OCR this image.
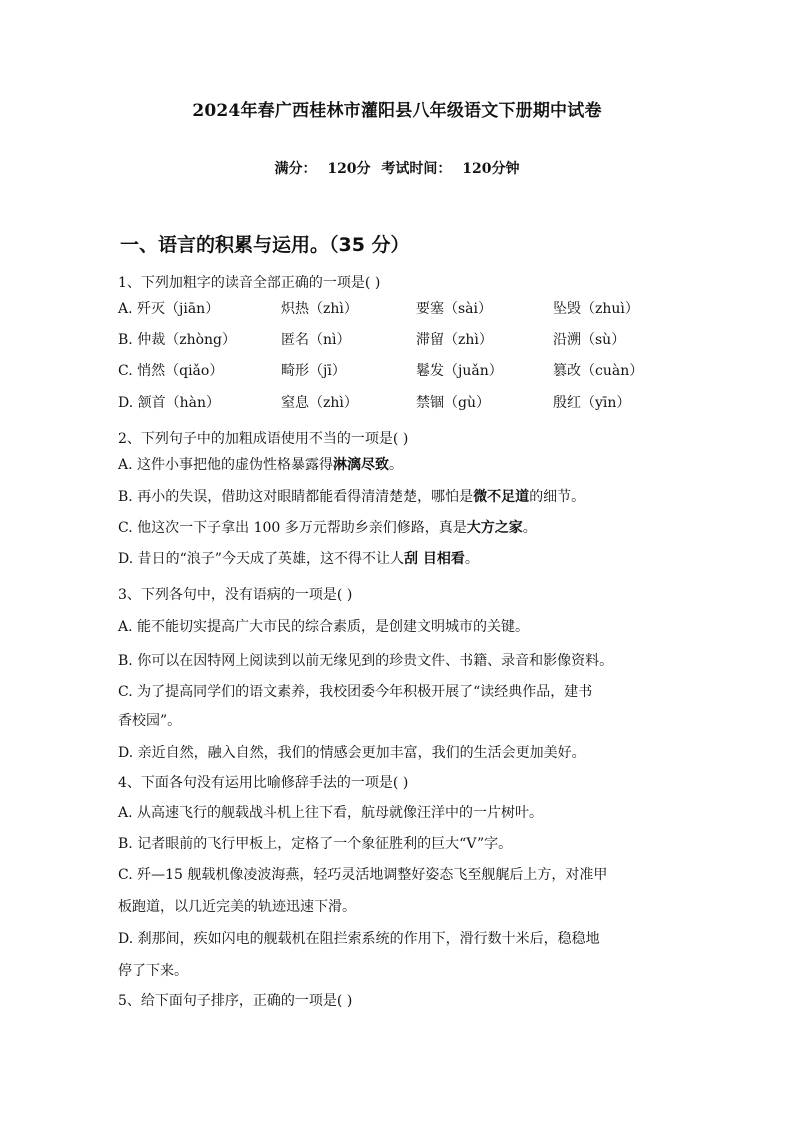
2024年春广西桂林市灌阳县八年级语文下册期中试卷
满分： 120分 考试时间： 120分钟
一、语言的积累与运用。（35 分）
1、下列加粗字的读音全部正确的一项是( )
A. 歼灭（jiān）	炽热（zhì）	要塞（sài）	坠毁（zhuì）
B. 仲裁（zhòng）	匿名（nì）	滞留（zhì）	沿溯（sù）
C. 悄然（qiǎo）	畸形（jī）	鬈发（juǎn）	篡改（cuàn）
D. 颔首（hàn）	窒息（zhì）	禁锢（gù）	殷红（yīn）
2、下列句子中的加粗成语使用不当的一项是( )
A. 这件小事把他的虚伪性格暴露得淋漓尽致。
B. 再小的失误，借助这对眼睛都能看得清清楚楚，哪怕是微不足道的细节。
C. 他这次一下子拿出 100 多万元帮助乡亲们修路，真是大方之家。
D. 昔日的“浪子”今天成了英雄，这不得不让人刮 目相看。
3、下列各句中，没有语病的一项是( )
A. 能不能切实提高广大市民的综合素质，是创建文明城市的关键。
B. 你可以在因特网上阅读到以前无缘见到的珍贵文件、书籍、录音和影像资料。
C. 为了提高同学们的语文素养，我校团委今年积极开展了“读经典作品，建书
香校园”。
D. 亲近自然，融入自然，我们的情感会更加丰富，我们的生活会更加美好。
4、下面各句没有运用比喻修辞手法的一项是( )
A. 从高速飞行的舰载战斗机上往下看，航母就像汪洋中的一片树叶。
B. 记者眼前的飞行甲板上，定格了一个象征胜利的巨大“V”字。
C. 歼—15 舰载机像凌波海燕，轻巧灵活地调整好姿态飞至舰艉后上方，对准甲
板跑道，以几近完美的轨迹迅速下滑。
D. 刹那间，疾如闪电的舰载机在阻拦索系统的作用下，滑行数十米后，稳稳地
停了下来。
5、给下面句子排序，正确的一项是( )
